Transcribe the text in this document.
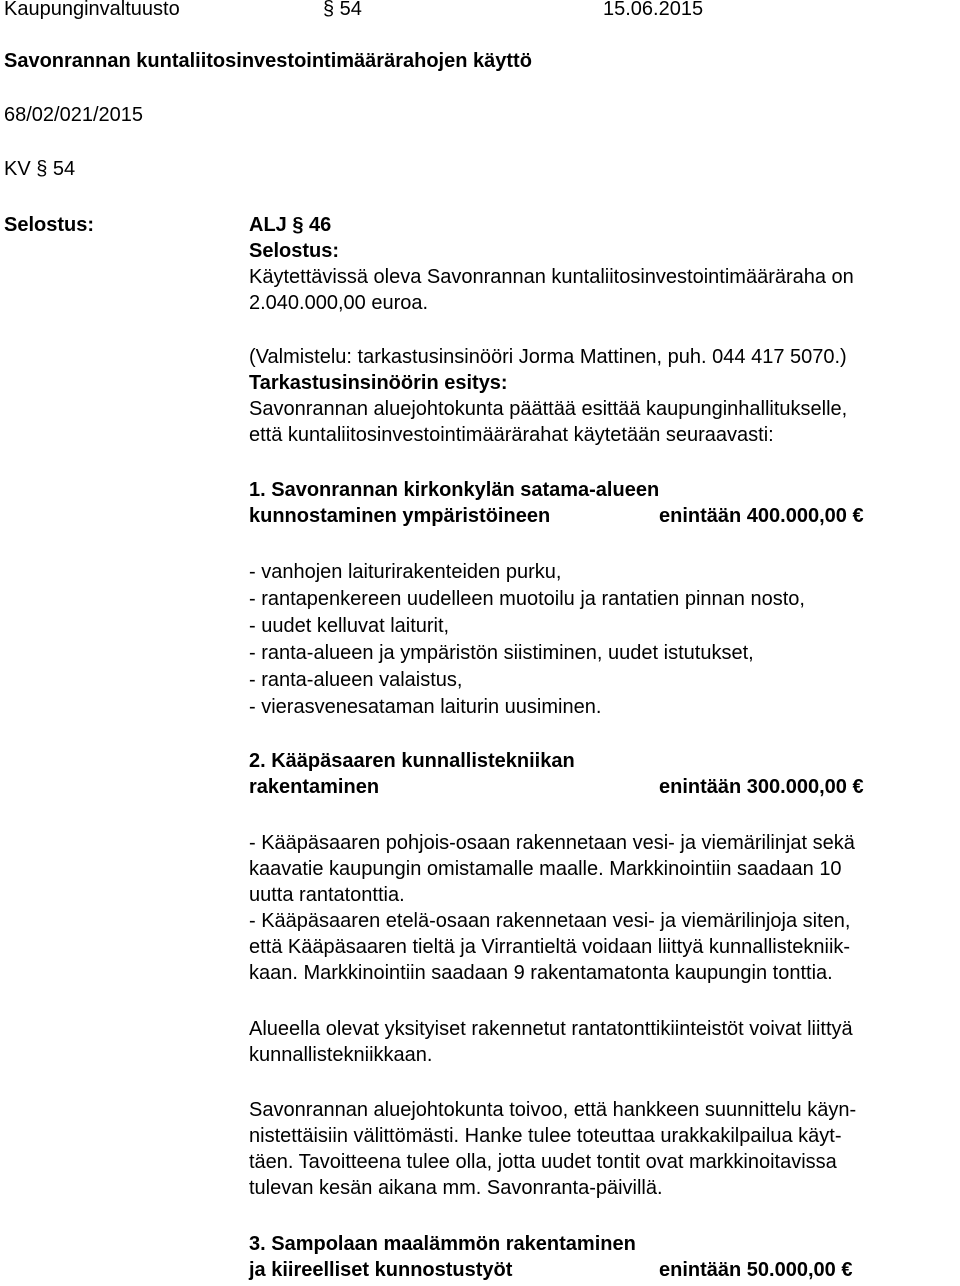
Kaupunginvaltuusto	§ 54	15.06.2015
Savonrannan kuntaliitosinvestointimäärärahojen käyttö
68/02/021/2015
KV § 54
Selostus:	ALJ § 46
Selostus:
Käytettävissä oleva Savonrannan kuntaliitosinvestointimääräraha on
2.040.000,00 euroa.
(Valmistelu: tarkastusinsinööri Jorma Mattinen, puh. 044 417 5070.)
Tarkastusinsinöörin esitys:
Savonrannan aluejohtokunta päättää esittää kaupunginhallitukselle,
että kuntaliitosinvestointimäärärahat käytetään seuraavasti:
1. Savonrannan kirkonkylän satama-alueen
kunnostaminen ympäristöineen	enintään 400.000,00 €
- vanhojen laiturirakenteiden purku,
- rantapenkereen uudelleen muotoilu ja rantatien pinnan nosto,
- uudet kelluvat laiturit,
- ranta-alueen ja ympäristön siistiminen, uudet istutukset,
- ranta-alueen valaistus,
- vierasvenesataman laiturin uusiminen.
2. Kääpäsaaren kunnallistekniikan
rakentaminen	enintään 300.000,00 €
- Kääpäsaaren pohjois-osaan rakennetaan vesi- ja viemärilinjat sekä
kaavatie kaupungin omistamalle maalle. Markkinointiin saadaan 10
uutta rantatonttia.
- Kääpäsaaren etelä-osaan rakennetaan vesi- ja viemärilinjoja siten,
että Kääpäsaaren tieltä ja Virrantieltä voidaan liittyä kunnallistekniik-
kaan. Markkinointiin saadaan 9 rakentamatonta kaupungin tonttia.
Alueella olevat yksityiset rakennetut rantatonttikiinteistöt voivat liittyä
kunnallistekniikkaan.
Savonrannan aluejohtokunta toivoo, että hankkeen suunnittelu käyn-
nistettäisiin välittömästi. Hanke tulee toteuttaa urakkakilpailua käyt-
täen. Tavoitteena tulee olla, jotta uudet tontit ovat markkinoitavissa
tulevan kesän aikana mm. Savonranta-päivillä.
3. Sampolaan maalämmön rakentaminen
ja kiireelliset kunnostustyöt	enintään 50.000,00 €
